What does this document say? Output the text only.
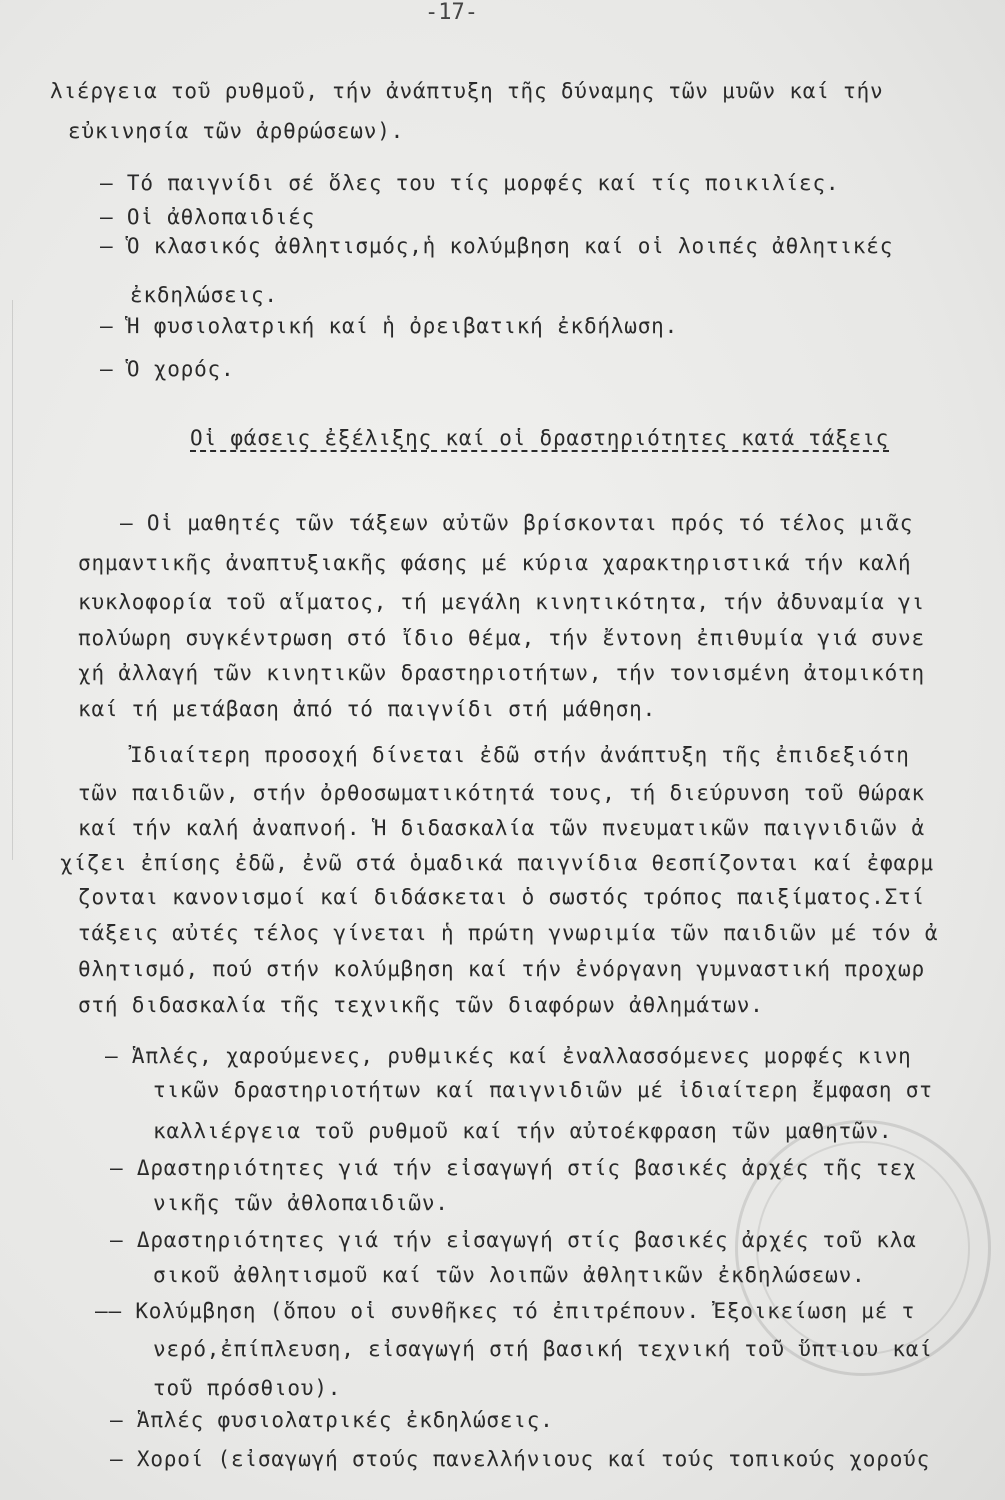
-17-
λιέργεια τοῦ ρυθμοῦ, τήν ἀνάπτυξη τῆς δύναμης τῶν μυῶν καί τήν
εὐκινησία τῶν ἀρθρώσεων).
– Τό παιγνίδι σέ ὅλες του τίς μορφές καί τίς ποικιλίες.
– Οἱ ἀθλοπαιδιές
– Ὁ κλασικός ἀθλητισμός,ἡ κολύμβηση καί οἱ λοιπές ἀθλητικές
ἐκδηλώσεις.
– Ἡ φυσιολατρική καί ἡ ὀρειβατική ἐκδήλωση.
– Ὁ χορός.
Οἱ φάσεις ἐξέλιξης καί οἱ δραστηριότητες κατά τάξεις
– Οἱ μαθητές τῶν τάξεων αὐτῶν βρίσκονται πρός τό τέλος μιᾶς
σημαντικῆς ἀναπτυξιακῆς φάσης μέ κύρια χαρακτηριστικά τήν καλή
κυκλοφορία τοῦ αἵματος, τή μεγάλη κινητικότητα, τήν ἀδυναμία γι
πολύωρη συγκέντρωση στό ἴδιο θέμα, τήν ἔντονη ἐπιθυμία γιά συνε
χή ἀλλαγή τῶν κινητικῶν δραστηριοτήτων, τήν τονισμένη ἀτομικότη
καί τή μετάβαση ἀπό τό παιγνίδι στή μάθηση.
Ἰδιαίτερη προσοχή δίνεται ἐδῶ στήν ἀνάπτυξη τῆς ἐπιδεξιότη
τῶν παιδιῶν, στήν ὀρθοσωματικότητά τους, τή διεύρυνση τοῦ θώρακ
καί τήν καλή ἀναπνοή. Ἡ διδασκαλία τῶν πνευματικῶν παιγνιδιῶν ἀ
χίζει ἐπίσης ἐδῶ, ἐνῶ στά ὁμαδικά παιγνίδια θεσπίζονται καί ἐφαρμ
ζονται κανονισμοί καί διδάσκεται ὁ σωστός τρόπος παιξίματος.Στί
τάξεις αὐτές τέλος γίνεται ἡ πρώτη γνωριμία τῶν παιδιῶν μέ τόν ἀ
θλητισμό, πού στήν κολύμβηση καί τήν ἐνόργανη γυμναστική προχωρ
στή διδασκαλία τῆς τεχνικῆς τῶν διαφόρων ἀθλημάτων.
– Ἁπλές, χαρούμενες, ρυθμικές καί ἐναλλασσόμενες μορφές κινη
τικῶν δραστηριοτήτων καί παιγνιδιῶν μέ ἰδιαίτερη ἔμφαση στ
καλλιέργεια τοῦ ρυθμοῦ καί τήν αὐτοέκφραση τῶν μαθητῶν.
– Δραστηριότητες γιά τήν εἰσαγωγή στίς βασικές ἀρχές τῆς τεχ
νικῆς τῶν ἀθλοπαιδιῶν.
– Δραστηριότητες γιά τήν εἰσαγωγή στίς βασικές ἀρχές τοῦ κλα
σικοῦ ἀθλητισμοῦ καί τῶν λοιπῶν ἀθλητικῶν ἐκδηλώσεων.
–– Κολύμβηση (ὅπου οἱ συνθῆκες τό ἐπιτρέπουν. Ἐξοικείωση μέ τ
νερό,ἐπίπλευση, εἰσαγωγή στή βασική τεχνική τοῦ ὕπτιου καί
τοῦ πρόσθιου).
– Ἁπλές φυσιολατρικές ἐκδηλώσεις.
– Χοροί (εἰσαγωγή στούς πανελλήνιους καί τούς τοπικούς χορούς
